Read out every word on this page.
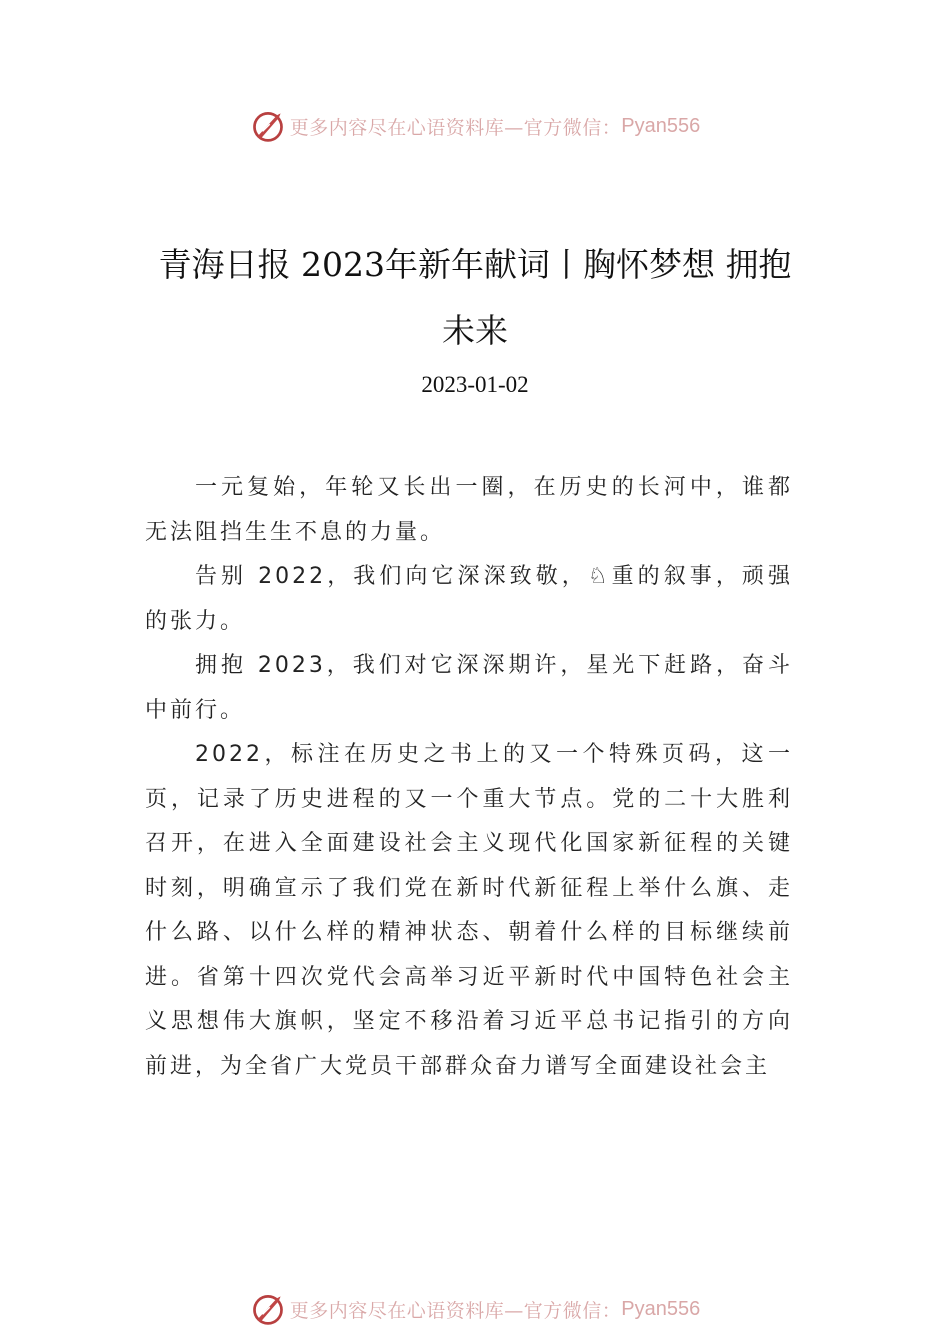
更多内容尽在心语资料库—官方微信： Pyan556
青海日报 2023年新年献词丨胸怀梦想 拥抱未来
2023-01-02

一元复始，年轮又长出一圈，在历史的长河中，谁都无法阻挡生生不息的力量。

告别 2022，我们向它深深致敬，♘重的叙事，顽强的张力。

拥抱 2023，我们对它深深期许，星光下赶路，奋斗中前行。

2022，标注在历史之书上的又一个特殊页码，这一页，记录了历史进程的又一个重大节点。党的二十大胜利召开，在进入全面建设社会主义现代化国家新征程的关键时刻，明确宣示了我们党在新时代新征程上举什么旗、走什么路、以什么样的精神状态、朝着什么样的目标继续前进。省第十四次党代会高举习近平新时代中国特色社会主义思想伟大旗帜，坚定不移沿着习近平总书记指引的方向前进，为全省广大党员干部群众奋力谱写全面建设社会主

更多内容尽在心语资料库—官方微信： Pyan556
